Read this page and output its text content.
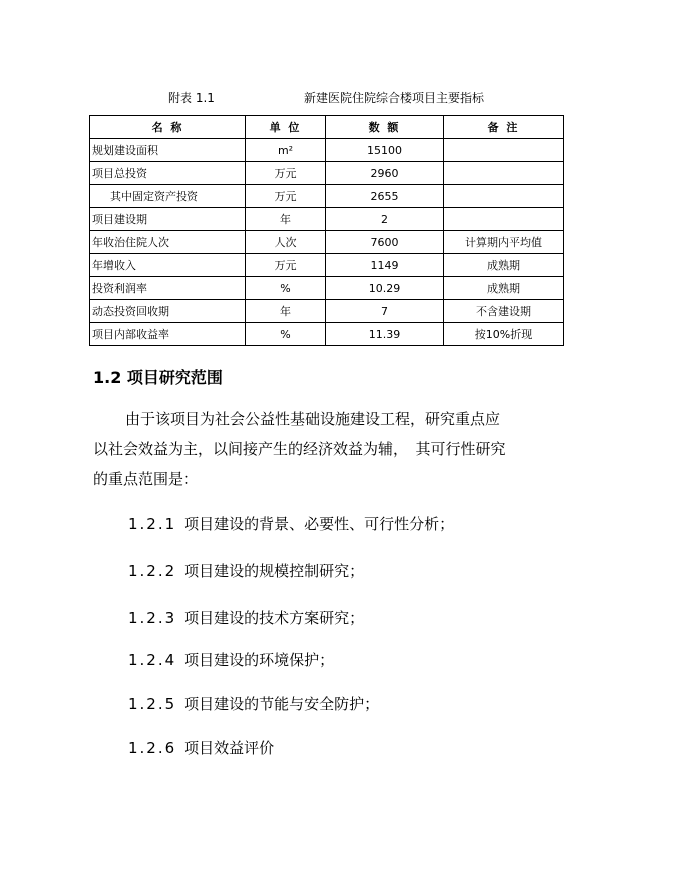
附表 1.1	新建医院住院综合楼项目主要指标
名 称	单 位	数 额	备 注
规划建设面积	m²	15100	
项目总投资	万元	2960	
其中固定资产投资	万元	2655	
项目建设期	年	2	
年收治住院人次	人次	7600	计算期内平均值
年增收入	万元	1149	成熟期
投资利润率	%	10.29	成熟期
动态投资回收期	年	7	不含建设期
项目内部收益率	%	11.39	按10%折现
1.2 项目研究范围
由于该项目为社会公益性基础设施建设工程，研究重点应
以社会效益为主，以间接产生的经济效益为辅，　其可行性研究
的重点范围是：
1.2.1 项目建设的背景、必要性、可行性分析；
1.2.2 项目建设的规模控制研究；
1.2.3 项目建设的技术方案研究；
1.2.4 项目建设的环境保护；
1.2.5 项目建设的节能与安全防护；
1.2.6 项目效益评价
